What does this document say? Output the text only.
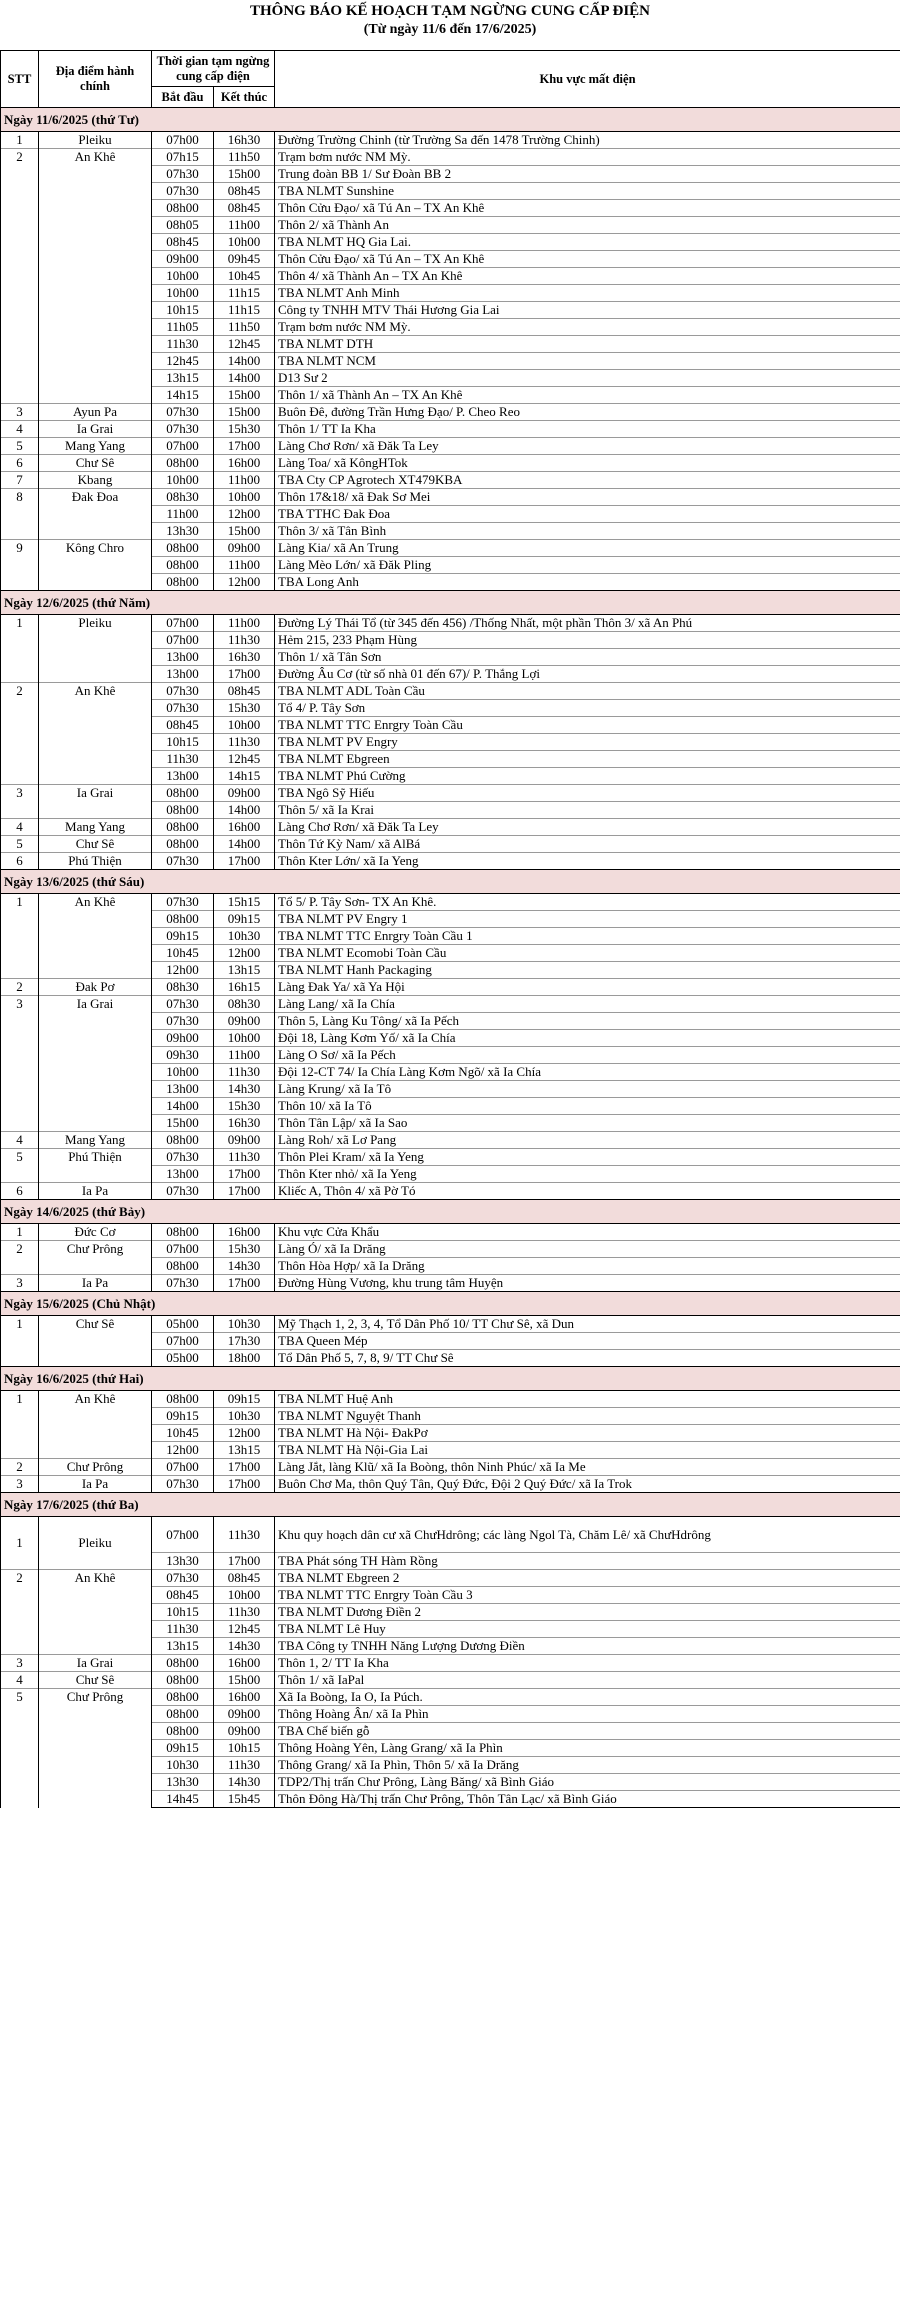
THÔNG BÁO KẾ HOẠCH TẠM NGỪNG CUNG CẤP ĐIỆN
(Từ ngày 11/6 đến 17/6/2025)
STT	Địa điểm hành chính	Thời gian tạm ngừng cung cấp điện		Khu vực mất điện
		Bắt đầu	Kết thúc	
Ngày 11/6/2025 (thứ Tư)				
1	Pleiku	07h00	16h30	Đường Trường Chinh (từ Trường Sa đến 1478 Trường Chinh)
2	An Khê	07h15	11h50	Trạm bơm nước NM Mỳ.
		07h30	15h00	Trung đoàn BB 1/ Sư Đoàn BB 2
		07h30	08h45	TBA NLMT Sunshine
		08h00	08h45	Thôn Cửu Đạo/ xã Tú An – TX An Khê
		08h05	11h00	Thôn 2/ xã Thành An
		08h45	10h00	TBA NLMT HQ Gia Lai.
		09h00	09h45	Thôn Cửu Đạo/ xã Tú An – TX An Khê
		10h00	10h45	Thôn 4/ xã Thành An – TX An Khê
		10h00	11h15	TBA NLMT Anh Minh
		10h15	11h15	Công ty TNHH MTV Thái Hương Gia Lai
		11h05	11h50	Trạm bơm nước NM Mỳ.
		11h30	12h45	TBA NLMT DTH
		12h45	14h00	TBA NLMT NCM
		13h15	14h00	D13 Sư 2
		14h15	15h00	Thôn 1/ xã Thành An – TX An Khê
3	Ayun Pa	07h30	15h00	Buôn Đê, đường Trần Hưng Đạo/ P. Cheo Reo
4	Ia Grai	07h30	15h30	Thôn 1/ TT Ia Kha
5	Mang Yang	07h00	17h00	Làng Chơ Rơn/ xã Đăk Ta Ley
6	Chư Sê	08h00	16h00	Làng Toa/ xã KôngHTok
7	Kbang	10h00	11h00	TBA Cty CP Agrotech XT479KBA
8	Đak Đoa	08h30	10h00	Thôn 17&18/ xã Đak Sơ Mei
		11h00	12h00	TBA TTHC Đak Đoa
		13h30	15h00	Thôn 3/ xã Tân Bình
9	Kông Chro	08h00	09h00	Làng Kia/ xã An Trung
		08h00	11h00	Làng Mèo Lớn/ xã Đăk Pling
		08h00	12h00	TBA Long Anh
Ngày 12/6/2025 (thứ Năm)				
1	Pleiku	07h00	11h00	Đường Lý Thái Tổ (từ 345 đến 456) /Thống Nhất, một phần Thôn 3/ xã An Phú
		07h00	11h30	Hẻm 215, 233 Phạm Hùng
		13h00	16h30	Thôn 1/ xã Tân Sơn
		13h00	17h00	Đường Âu Cơ (từ số nhà 01 đến 67)/ P. Thắng Lợi
2	An Khê	07h30	08h45	TBA NLMT ADL Toàn Cầu
		07h30	15h30	Tổ 4/ P. Tây Sơn
		08h45	10h00	TBA NLMT TTC Enrgry Toàn Cầu
		10h15	11h30	TBA NLMT PV Engry
		11h30	12h45	TBA NLMT Ebgreen
		13h00	14h15	TBA NLMT Phú Cường
3	Ia Grai	08h00	09h00	TBA Ngô Sỹ Hiếu
		08h00	14h00	Thôn 5/ xã Ia Krai
4	Mang Yang	08h00	16h00	Làng Chơ Rơn/ xã Đăk Ta Ley
5	Chư Sê	08h00	14h00	Thôn Tứ Kỳ Nam/ xã AlBá
6	Phú Thiện	07h30	17h00	Thôn Kter Lớn/ xã Ia Yeng
Ngày 13/6/2025 (thứ Sáu)				
1	An Khê	07h30	15h15	Tổ 5/ P. Tây Sơn- TX An Khê.
		08h00	09h15	TBA NLMT PV Engry 1
		09h15	10h30	TBA NLMT TTC Enrgry Toàn Cầu 1
		10h45	12h00	TBA NLMT Ecomobi Toàn Cầu
		12h00	13h15	TBA NLMT Hanh Packaging
2	Đak Pơ	08h30	16h15	Làng Đak Ya/ xã Ya Hội
3	Ia Grai	07h30	08h30	Làng Lang/ xã Ia Chía
		07h30	09h00	Thôn 5, Làng Ku Tông/ xã Ia Pếch
		09h00	10h00	Đội 18, Làng Kơm Yố/ xã Ia Chía
		09h30	11h00	Làng O Sơ/ xã Ia Pếch
		10h00	11h30	Đội 12-CT 74/ Ia Chía Làng Kơm Ngõ/ xã Ia Chía
		13h00	14h30	Làng Krung/ xã Ia Tô
		14h00	15h30	Thôn 10/ xã Ia Tô
		15h00	16h30	Thôn Tân Lập/ xã Ia Sao
4	Mang Yang	08h00	09h00	Làng Roh/ xã Lơ Pang
5	Phú Thiện	07h30	11h30	Thôn Plei Kram/ xã Ia Yeng
		13h00	17h00	Thôn Kter nhỏ/ xã Ia Yeng
6	Ia Pa	07h30	17h00	Kliếc A, Thôn 4/ xã Pờ Tó
Ngày 14/6/2025 (thứ Bảy)				
1	Đức Cơ	08h00	16h00	Khu vực Cửa Khẩu
2	Chư Prông	07h00	15h30	Làng Ó/ xã Ia Drăng
		08h00	14h30	Thôn Hòa Hợp/ xã Ia Drăng
3	Ia Pa	07h30	17h00	Đường Hùng Vương, khu trung tâm Huyện
Ngày 15/6/2025 (Chủ Nhật)				
1	Chư Sê	05h00	10h30	Mỹ Thạch 1, 2, 3, 4, Tổ Dân Phố 10/ TT Chư Sê, xã Dun
		07h00	17h30	TBA Queen Mép
		05h00	18h00	Tổ Dân Phố 5, 7, 8, 9/ TT Chư Sê
Ngày 16/6/2025 (thứ Hai)				
1	An Khê	08h00	09h15	TBA NLMT Huệ Anh
		09h15	10h30	TBA NLMT Nguyệt Thanh
		10h45	12h00	TBA NLMT Hà Nội- ĐakPơ
		12h00	13h15	TBA NLMT Hà Nội-Gia Lai
2	Chư Prông	07h00	17h00	Làng Jắt, làng Klũ/ xã Ia Boòng, thôn Ninh Phúc/ xã Ia Me
3	Ia Pa	07h30	17h00	Buôn Chơ Ma, thôn Quý Tân, Quý Đức, Đội 2 Quý Đức/ xã Ia Trok
Ngày 17/6/2025 (thứ Ba)				
1	Pleiku	07h00	11h30	Khu quy hoạch dân cư xã ChưHdrông; các làng Ngol Tà, Chăm Lê/ xã ChưHdrông
		13h30	17h00	TBA Phát sóng TH Hàm Rồng
2	An Khê	07h30	08h45	TBA NLMT Ebgreen 2
		08h45	10h00	TBA NLMT TTC Enrgry Toàn Cầu 3
		10h15	11h30	TBA NLMT Dương Điền 2
		11h30	12h45	TBA NLMT Lê Huy
		13h15	14h30	TBA Công ty TNHH Năng Lượng Dương Điền
3	Ia Grai	08h00	16h00	Thôn 1, 2/ TT Ia Kha
4	Chư Sê	08h00	15h00	Thôn 1/ xã IaPal
5	Chư Prông	08h00	16h00	Xã Ia Boòng, Ia O, Ia Púch.
		08h00	09h00	Thông Hoàng Ân/ xã Ia Phìn
		08h00	09h00	TBA Chế biến gỗ
		09h15	10h15	Thông Hoàng Yên, Làng Grang/ xã Ia Phìn
		10h30	11h30	Thông Grang/ xã Ia Phìn, Thôn 5/ xã Ia Drăng
		13h30	14h30	TDP2/Thị trấn Chư Prông, Làng Băng/ xã Bình Giáo
		14h45	15h45	Thôn Đông Hà/Thị trấn Chư Prông, Thôn Tân Lạc/ xã Bình Giáo
